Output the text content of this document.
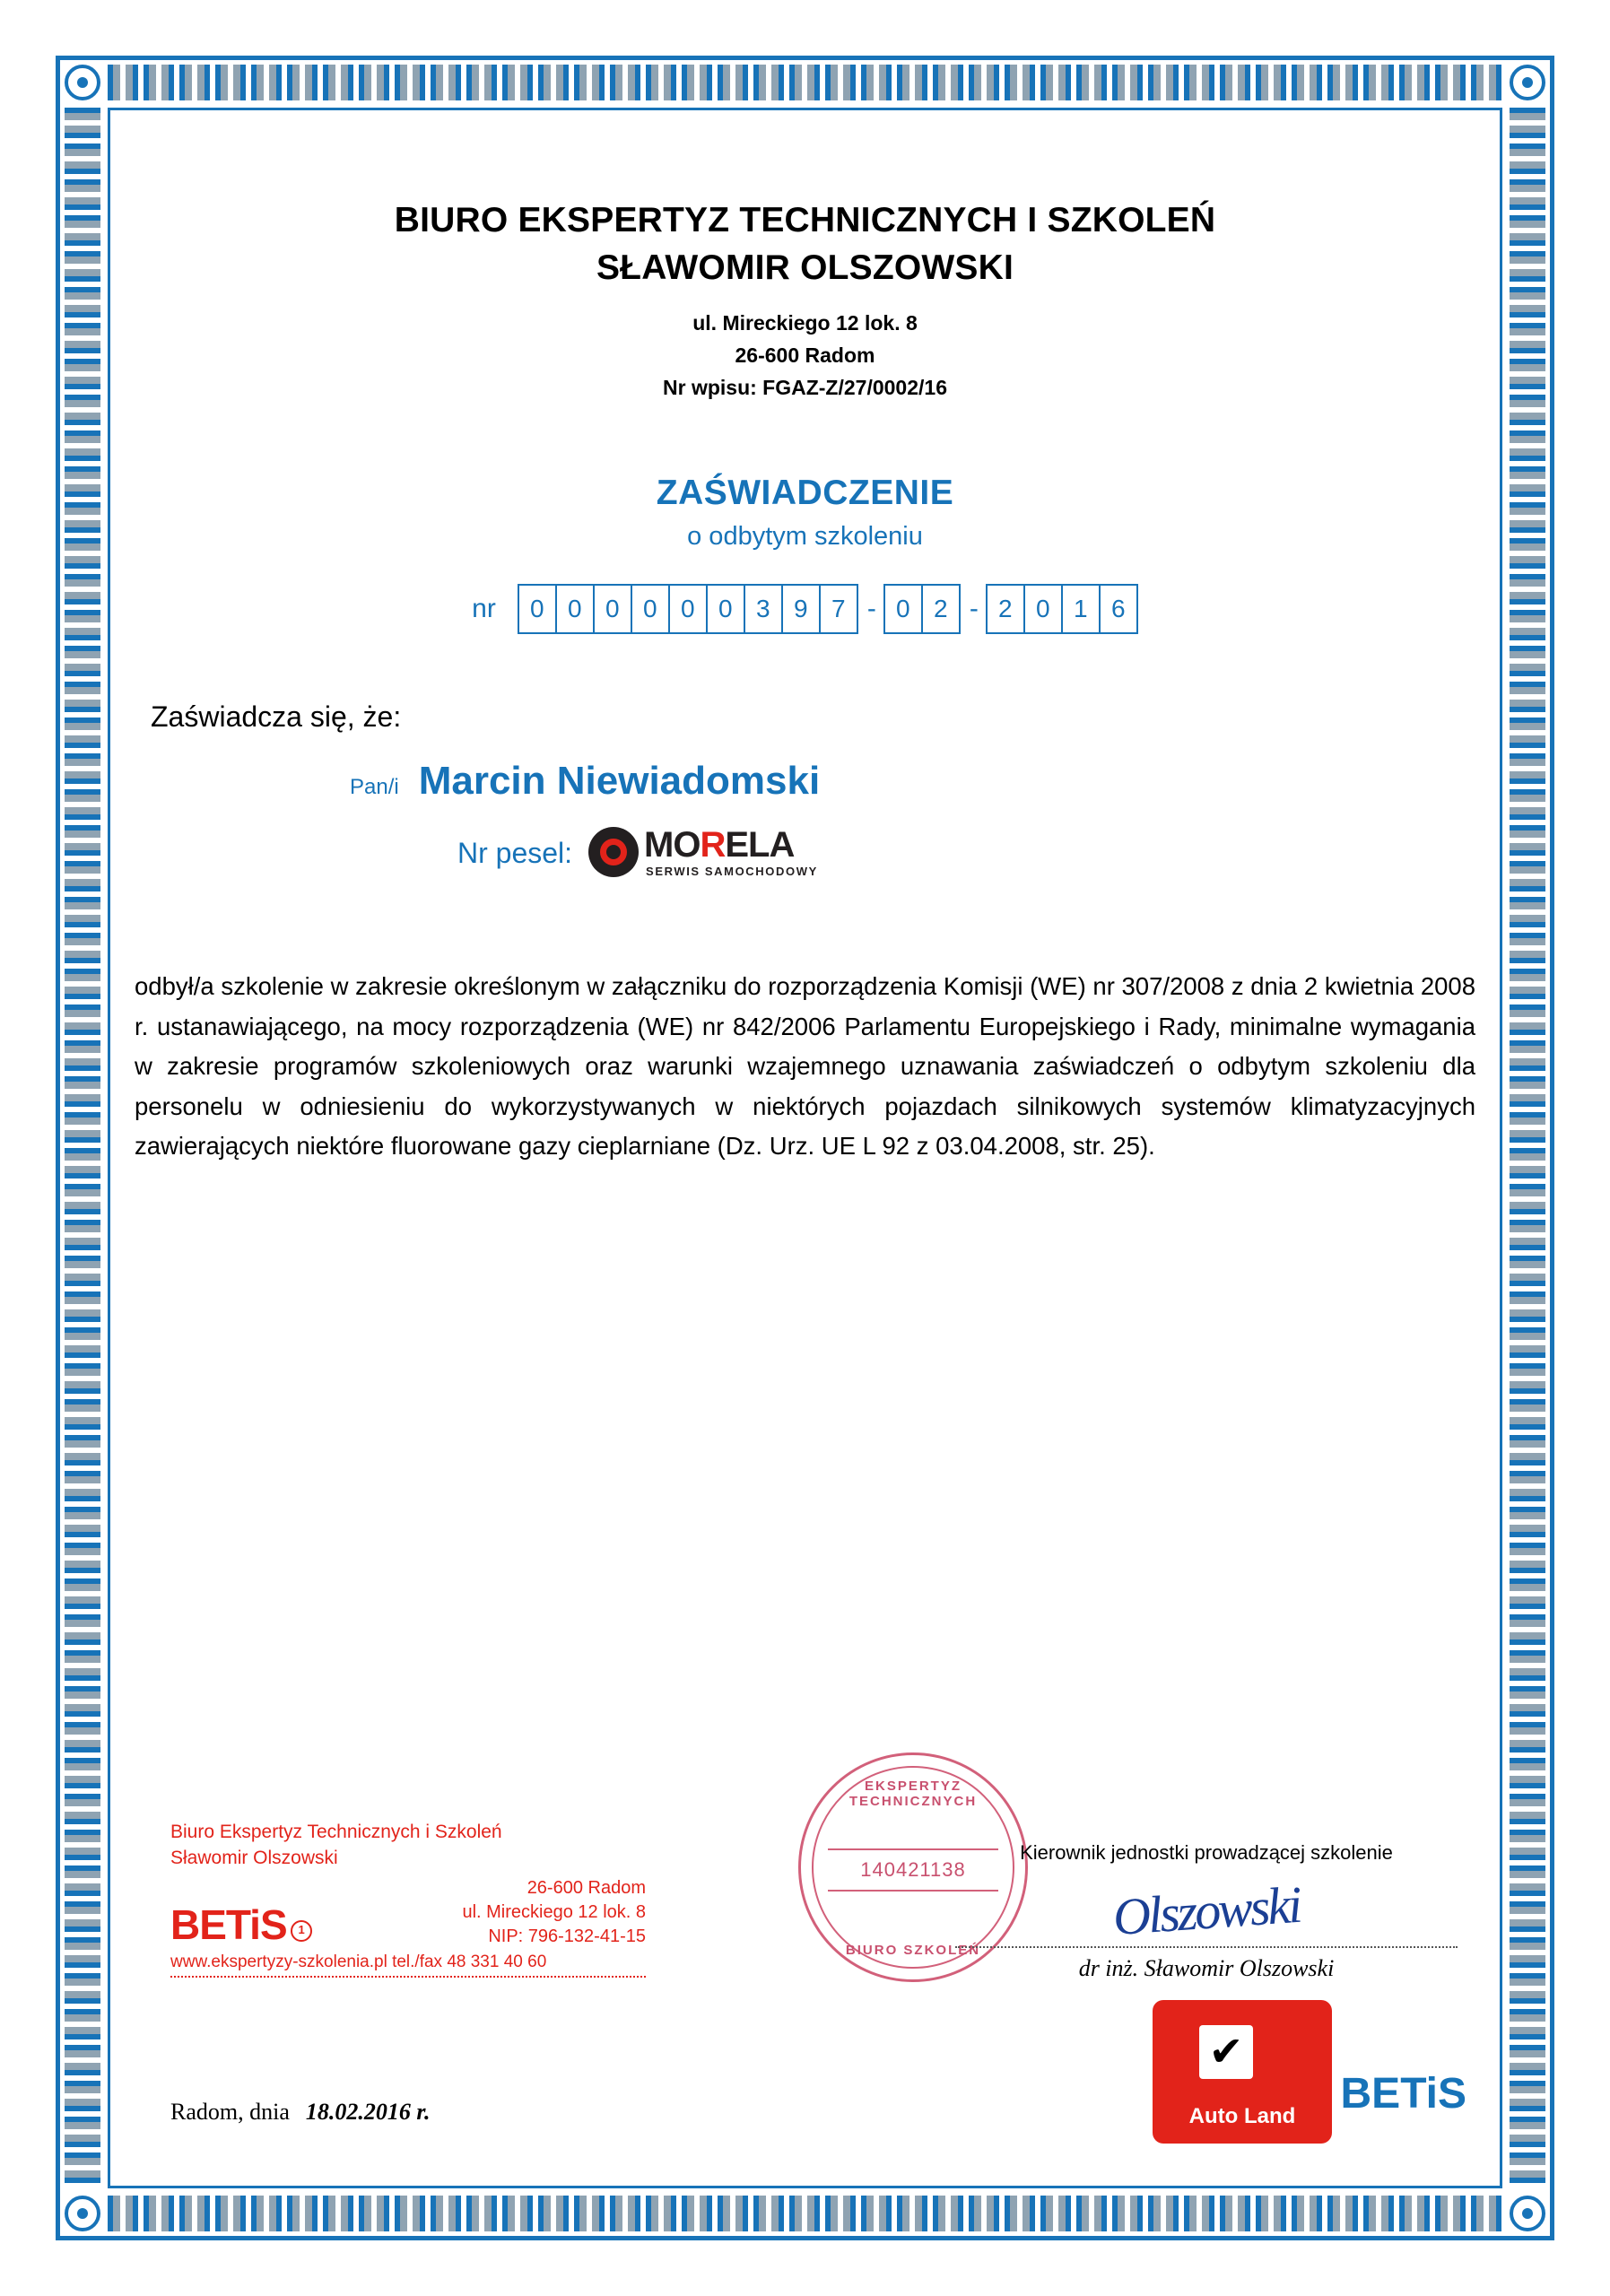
BIURO EKSPERTYZ TECHNICZNYCH I SZKOLEŃ
SŁAWOMIR OLSZOWSKI
ul. Mireckiego 12 lok. 8
26-600 Radom
Nr wpisu: FGAZ-Z/27/0002/16
ZAŚWIADCZENIE
o odbytym szkoleniu
nr	0 0 0 0 0 0 3 9 7 - 0 2 - 2 0 1 6
Zaświadcza się, że:
Pan/i Marcin Niewiadomski
Nr pesel: MORELA
SERWIS SAMOCHODOWY
odbył/a szkolenie w zakresie określonym w załączniku do rozporządzenia Komisji (WE) nr 307/2008 z dnia 2 kwietnia 2008 r. ustanawiającego, na mocy rozporządzenia (WE) nr 842/2006 Parlamentu Europejskiego i Rady, minimalne wymagania w zakresie programów szkoleniowych oraz warunki wzajemnego uznawania zaświadczeń o odbytym szkoleniu dla personelu w odniesieniu do wykorzystywanych w niektórych pojazdach silnikowych systemów klimatyzacyjnych zawierających niektóre fluorowane gazy cieplarniane (Dz. Urz. UE L 92 z 03.04.2008, str. 25).
Biuro Ekspertyz Technicznych i Szkoleń
Sławomir Olszowski
26-600 Radom
BETiS 1
ul. Mireckiego 12 lok. 8
NIP: 796-132-41-15
www.ekspertyzy-szkolenia.pl tel./fax 48 331 40 60
EKSPERTYZ TECHNICZNYCH
140421138
BIURO SZKOLEŃ
Kierownik jednostki prowadzącej szkolenie
Olszowski
dr inż. Sławomir Olszowski
✔
Auto Land	BETiS
Radom, dnia 18.02.2016 r.
